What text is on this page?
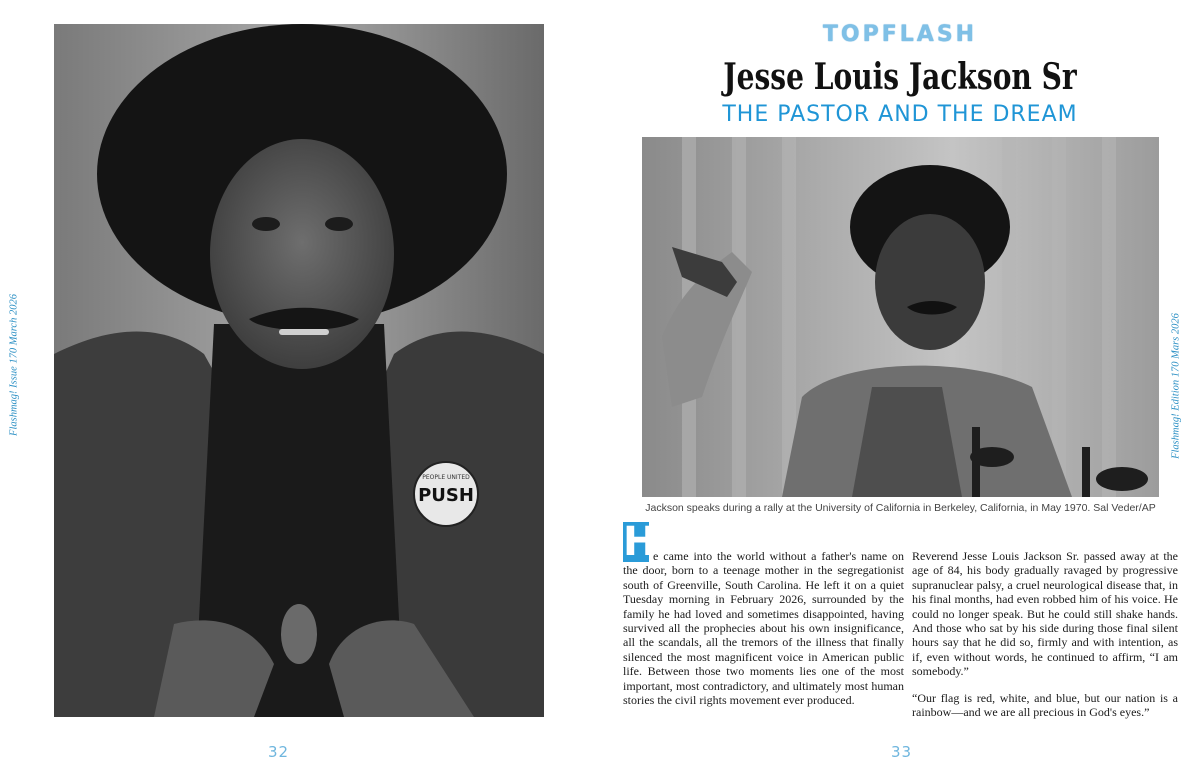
Flashmag! Issue 170 March 2026
PUSH
PEOPLE UNITED
32
TOPFLASH
Jesse Louis Jackson Sr
THE PASTOR AND THE DREAM
Jackson speaks during a rally at the University of California in Berkeley, California, in May 1970. Sal Veder/AP
H
e came into the world without a father's name on the door, born to a teenage mother in the segregationist south of Greenville, South Carolina. He left it on a quiet Tuesday morning in February 2026, surrounded by the family he had loved and sometimes disappointed, having survived all the prophecies about his own insignificance, all the scandals, all the tremors of the illness that finally silenced the most magnificent voice in American public life. Between those two moments lies one of the most important, most contradictory, and ultimately most human stories the civil rights movement ever produced.

Reverend Jesse Louis Jackson Sr. passed away at the age of 84, his body gradually ravaged by progressive supranuclear palsy, a cruel neurological disease that, in his final months, had even robbed him of his voice. He could no longer speak. But he could still shake hands. And those who sat by his side during those final silent hours say that he did so, firmly and with intention, as if, even without words, he continued to affirm, “I am somebody.”

“Our flag is red, white, and blue, but our nation is a rainbow—and we are all precious in God's eyes.”

Flashmag! Edition 170 Mars 2026
33
